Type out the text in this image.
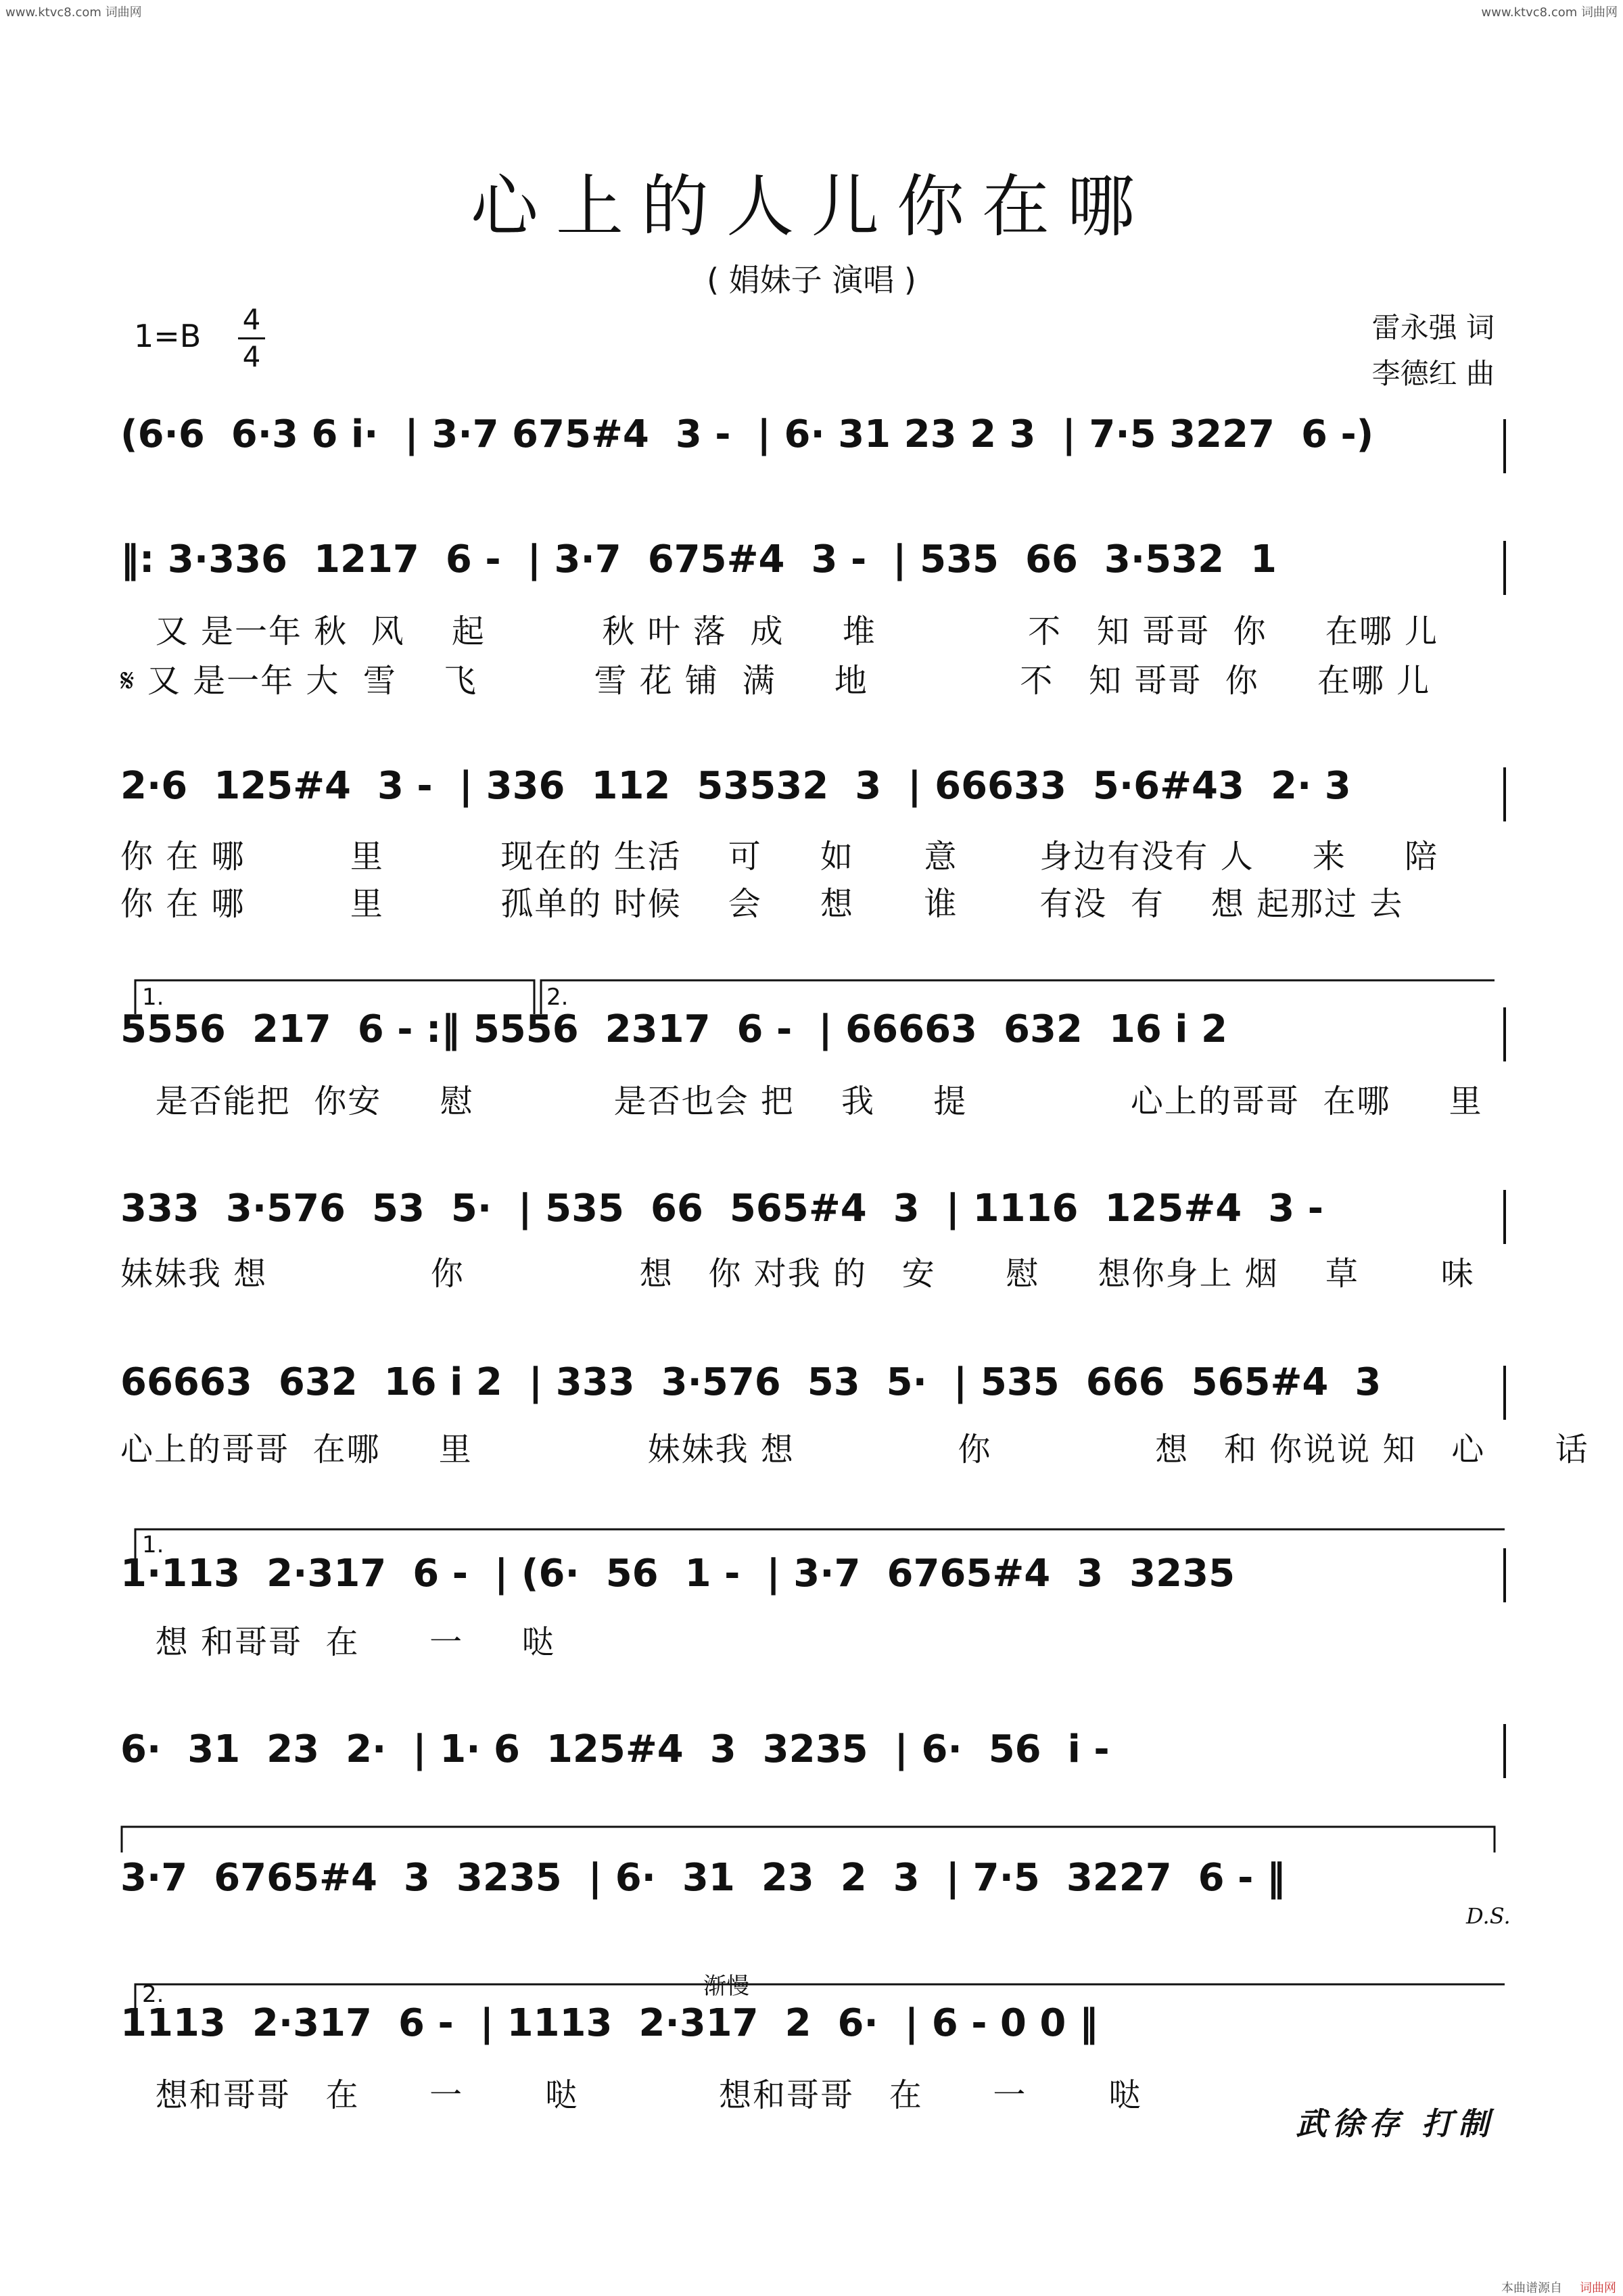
www.ktvc8.com 词曲网	www.ktvc8.com 词曲网
本曲谱源自 词曲网
心上的人儿你在哪
( 娟妹子 演唱 )
1=B 4
4
雷永强 词
李德红 曲
(6·6  6·3 6 i·  | 3·7 675#4  3 -  | 6· 31 23 2 3  | 7·5 3227  6 -)
‖: 3·336  1217  6 -  | 3·7  675#4  3 -  | 535  66  3·532  1
又 是一年 秋  风    起          秋 叶 落  成     堆             不   知 哥哥  你     在哪 儿
𝄋 又 是一年 大  雪    飞          雪 花 铺  满     地             不   知 哥哥  你     在哪 儿
2·6  125#4  3 -  | 336  112  53532  3  | 66633  5·6#43  2· 3
你 在 哪         里          现在的 生活    可     如      意       身边有没有 人     来     陪
你 在 哪         里          孤单的 时候    会     想      谁       有没  有    想 起那过 去
1.	2.
5556  217  6 - :‖ 5556  2317  6 -  | 66663  632  16 i 2
是否能把  你安     慰            是否也会 把    我     提              心上的哥哥  在哪     里
333  3·576  53  5·  | 535  66  565#4  3  | 1116  125#4  3 -
妹妹我 想              你               想   你 对我 的   安      慰     想你身上 烟    草       味
66663  632  16 i 2  | 333  3·576  53  5·  | 535  666  565#4  3
心上的哥哥  在哪     里               妹妹我 想              你              想   和 你说说 知   心      话
1.
1·113  2·317  6 -  | (6·  56  1 -  | 3·7  6765#4  3  3235
想 和哥哥  在      一     哒
6·  31  23  2·  | 1· 6  125#4  3  3235  | 6·  56  i -
3·7  6765#4  3  3235  | 6·  31  23  2  3  | 7·5  3227  6 - ‖
D.S.
2.	渐慢
1113  2·317  6 -  | 1113  2·317  2  6·  | 6 - 0 0 ‖
想和哥哥   在      一       哒            想和哥哥   在      一       哒
武徐存 打制
